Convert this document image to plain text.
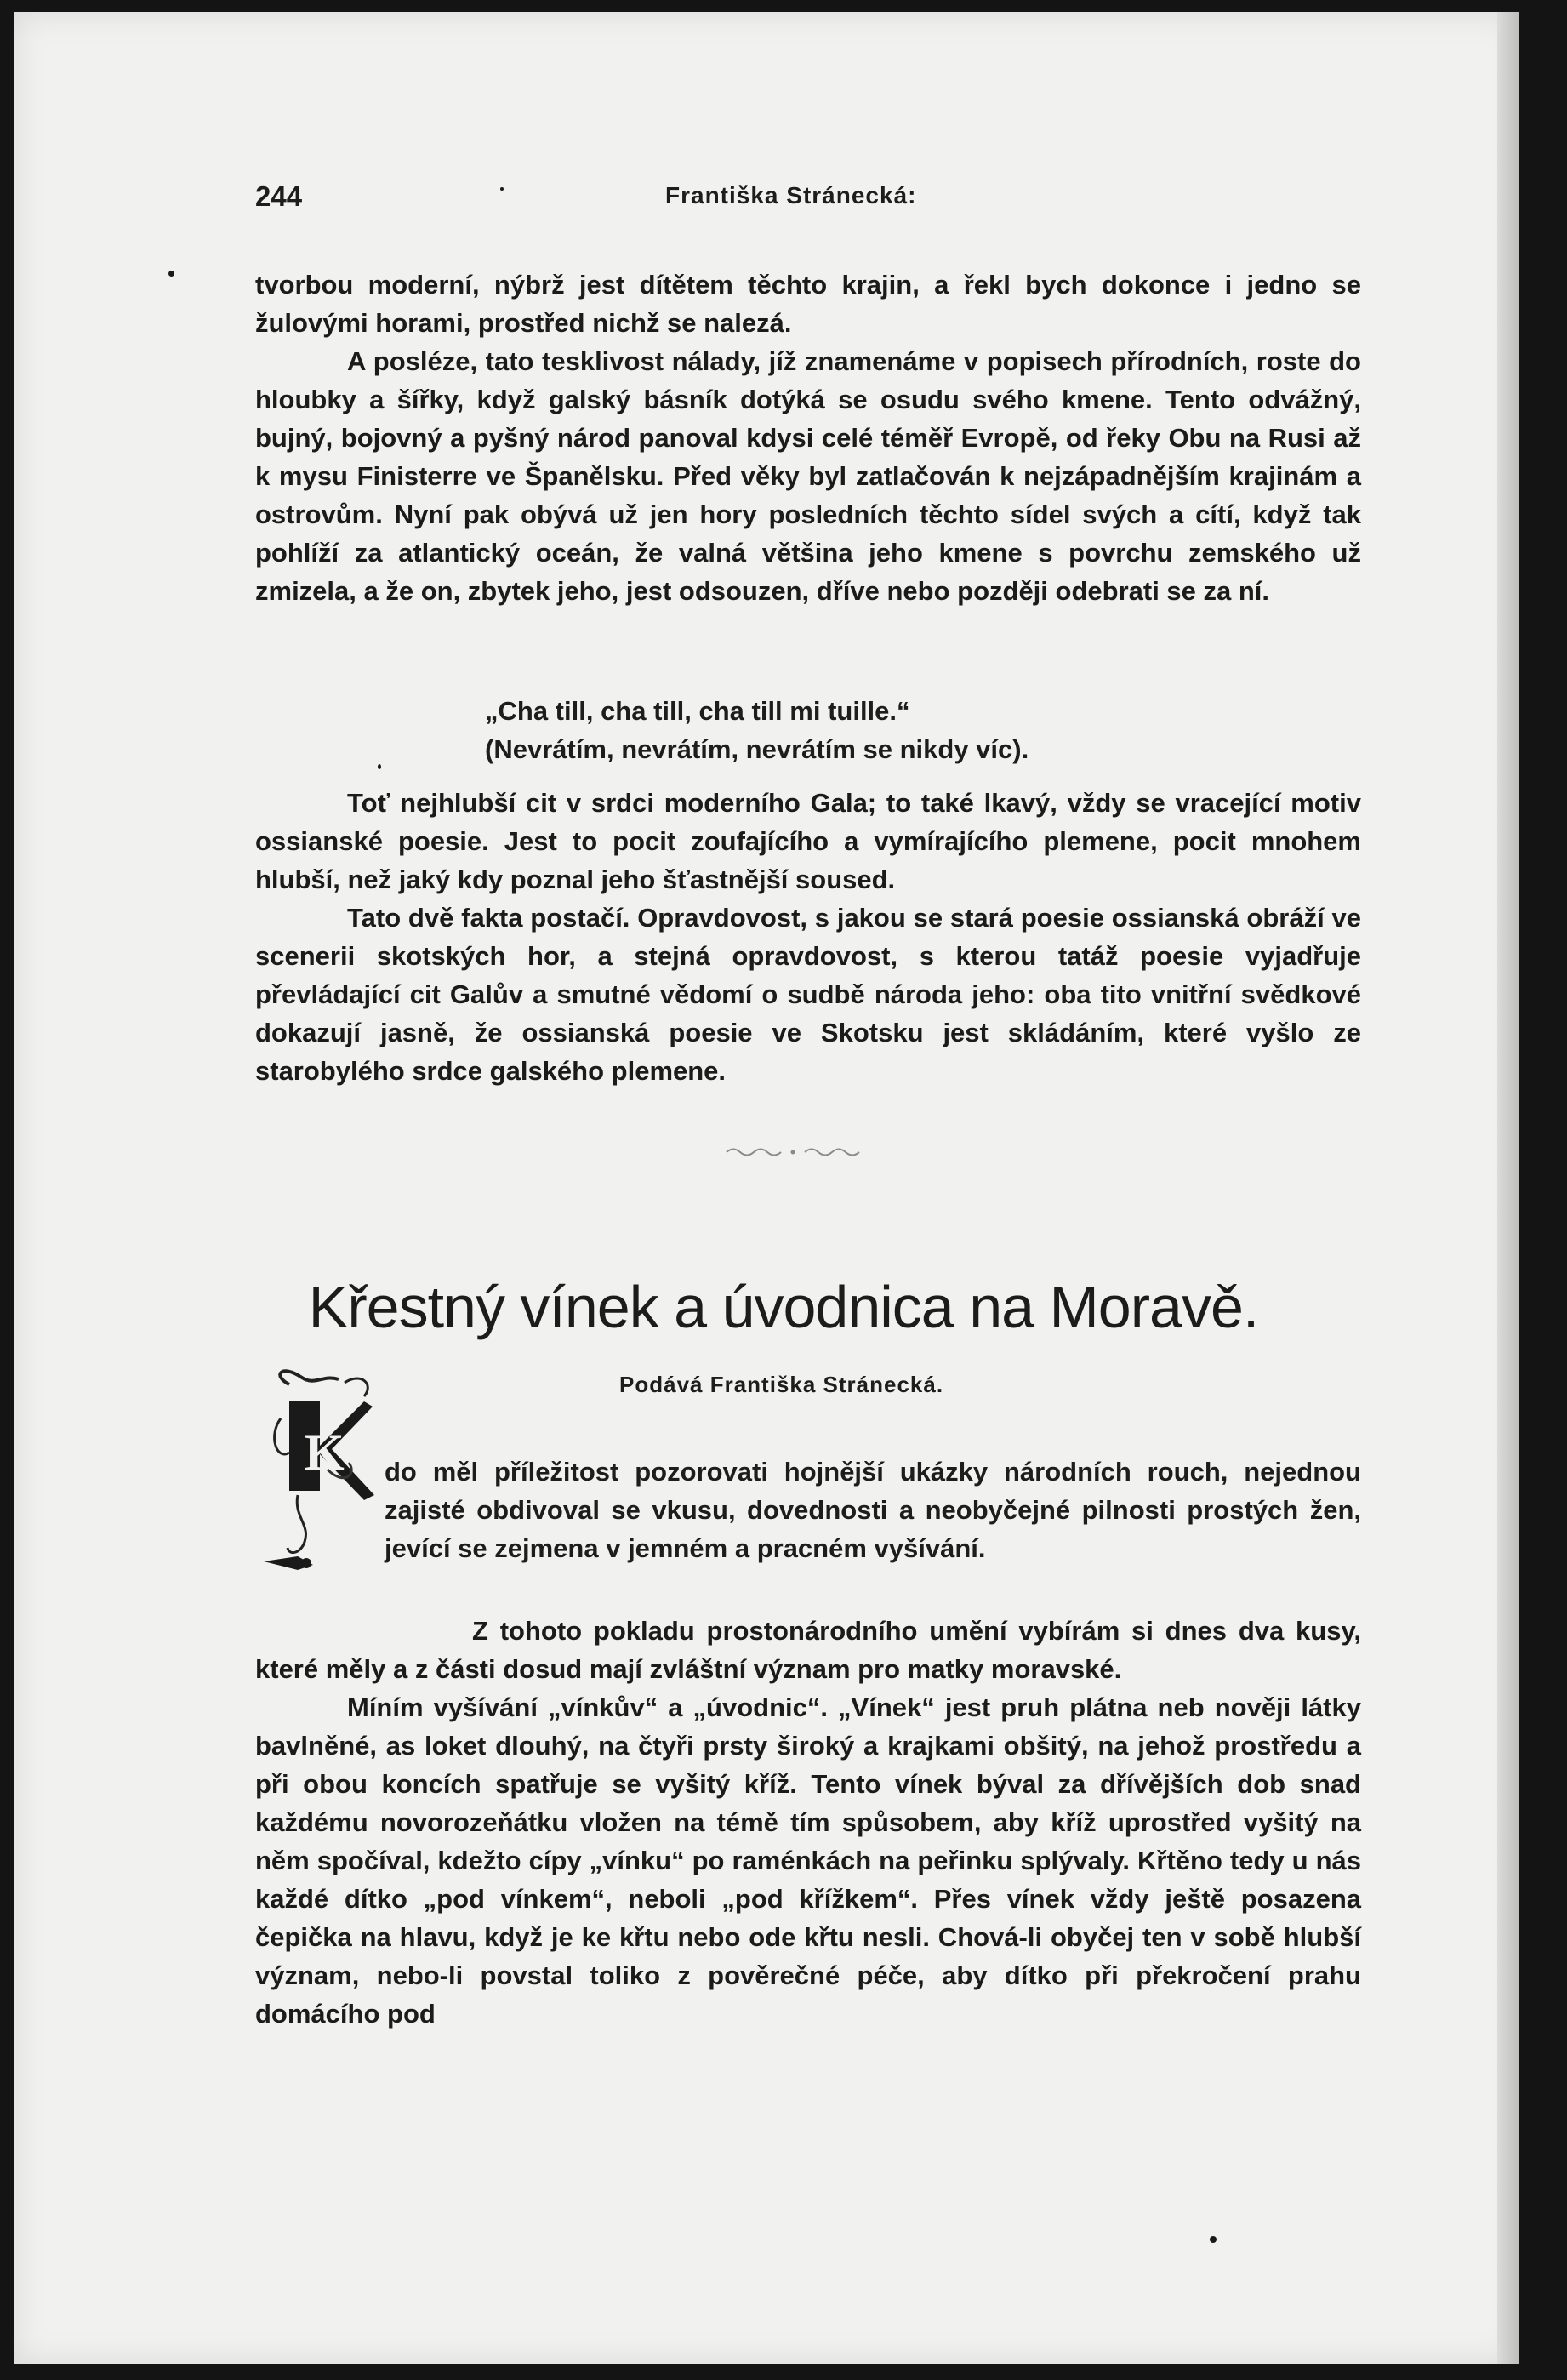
244	Františka Stránecká:

tvorbou moderní, nýbrž jest dítětem těchto krajin, a řekl bych dokonce i jedno se žulovými horami, prostřed nichž se nalezá.

A posléze, tato tesklivost nálady, jíž znamenáme v popisech přírodních, roste do hloubky a šířky, když galský básník dotýká se osudu svého kmene. Tento odvážný, bujný, bojovný a pyšný národ panoval kdysi celé téměř Evropě, od řeky Obu na Rusi až k mysu Finisterre ve Španělsku. Před věky byl zatlačován k nejzápadnějším krajinám a ostrovům. Nyní pak obývá už jen hory posledních těchto sídel svých a cítí, když tak pohlíží za atlantický oceán, že valná většina jeho kmene s povrchu zemského už zmizela, a že on, zbytek jeho, jest odsouzen, dříve nebo později odebrati se za ní.

„Cha till, cha till, cha till mi tuille.“
(Nevrátím, nevrátím, nevrátím se nikdy víc).

Toť nejhlubší cit v srdci moderního Gala; to také lkavý, vždy se vracející motiv ossianské poesie. Jest to pocit zoufajícího a vymírajícího plemene, pocit mnohem hlubší, než jaký kdy poznal jeho šťastnější soused.

Tato dvě fakta postačí. Opravdovost, s jakou se stará poesie ossianská obráží ve scenerii skotských hor, a stejná opravdovost, s kterou tatáž poesie vyjadřuje převládající cit Galův a smutné vědomí o sudbě národa jeho: oba tito vnitřní svědkové dokazují jasně, že ossianská poesie ve Skotsku jest skládáním, které vyšlo ze starobylého srdce galského plemene.

Křestný vínek a úvodnica na Moravě.
Podává Františka Stránecká.
K do měl příležitost pozorovati hojnější ukázky národních rouch, nejednou zajisté obdivoval se vkusu, dovednosti a neobyčejné pilnosti prostých žen, jevící se zejmena v jemném a pracném vyšívání.

Z tohoto pokladu prostonárodního umění vybírám si dnes dva kusy, které měly a z části dosud mají zvláštní význam pro matky moravské.

Míním vyšívání „vínkův“ a „úvodnic“. „Vínek“ jest pruh plátna neb nověji látky bavlněné, as loket dlouhý, na čtyři prsty široký a krajkami obšitý, na jehož prostředu a při obou koncích spatřuje se vyšitý kříž. Tento vínek býval za dřívějších dob snad každému novorozeňátku vložen na témě tím spůsobem, aby kříž uprostřed vyšitý na něm spočíval, kdežto cípy „vínku“ po raménkách na peřinku splývaly. Křtěno tedy u nás každé dítko „pod vínkem“, neboli „pod křížkem“. Přes vínek vždy ještě posazena čepička na hlavu, když je ke křtu nebo ode křtu nesli. Chová-li obyčej ten v sobě hlubší význam, nebo-li povstal toliko z pověrečné péče, aby dítko při překročení prahu domácího pod
